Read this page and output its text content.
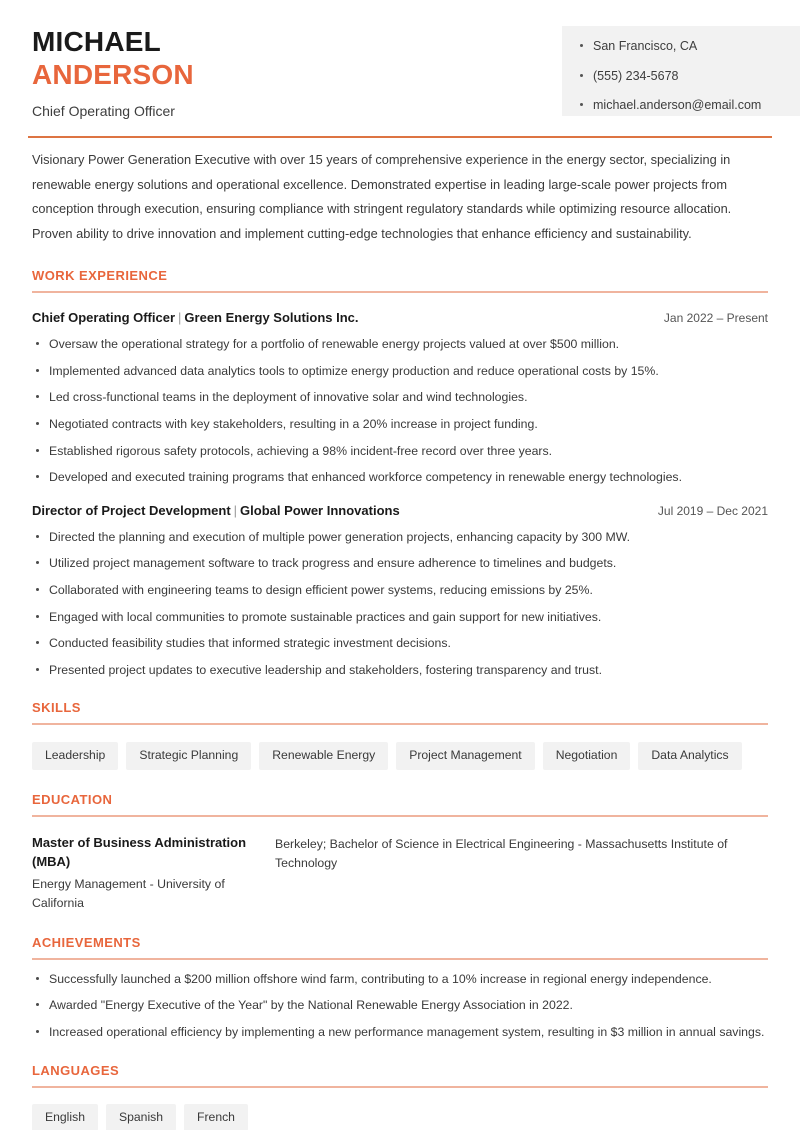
MICHAEL
ANDERSON
Chief Operating Officer
San Francisco, CA
(555) 234-5678
michael.anderson@email.com
Visionary Power Generation Executive with over 15 years of comprehensive experience in the energy sector, specializing in renewable energy solutions and operational excellence. Demonstrated expertise in leading large-scale power projects from conception through execution, ensuring compliance with stringent regulatory standards while optimizing resource allocation. Proven ability to drive innovation and implement cutting-edge technologies that enhance efficiency and sustainability.
WORK EXPERIENCE
Chief Operating Officer | Green Energy Solutions Inc.	Jan 2022 – Present
Oversaw the operational strategy for a portfolio of renewable energy projects valued at over $500 million.
Implemented advanced data analytics tools to optimize energy production and reduce operational costs by 15%.
Led cross-functional teams in the deployment of innovative solar and wind technologies.
Negotiated contracts with key stakeholders, resulting in a 20% increase in project funding.
Established rigorous safety protocols, achieving a 98% incident-free record over three years.
Developed and executed training programs that enhanced workforce competency in renewable energy technologies.
Director of Project Development | Global Power Innovations	Jul 2019 – Dec 2021
Directed the planning and execution of multiple power generation projects, enhancing capacity by 300 MW.
Utilized project management software to track progress and ensure adherence to timelines and budgets.
Collaborated with engineering teams to design efficient power systems, reducing emissions by 25%.
Engaged with local communities to promote sustainable practices and gain support for new initiatives.
Conducted feasibility studies that informed strategic investment decisions.
Presented project updates to executive leadership and stakeholders, fostering transparency and trust.
SKILLS
Leadership	Strategic Planning	Renewable Energy	Project Management	Negotiation	Data Analytics
EDUCATION
Master of Business Administration (MBA)
Energy Management - University of California
Berkeley; Bachelor of Science in Electrical Engineering - Massachusetts Institute of Technology
ACHIEVEMENTS
Successfully launched a $200 million offshore wind farm, contributing to a 10% increase in regional energy independence.
Awarded "Energy Executive of the Year" by the National Renewable Energy Association in 2022.
Increased operational efficiency by implementing a new performance management system, resulting in $3 million in annual savings.
LANGUAGES
English	Spanish	French
